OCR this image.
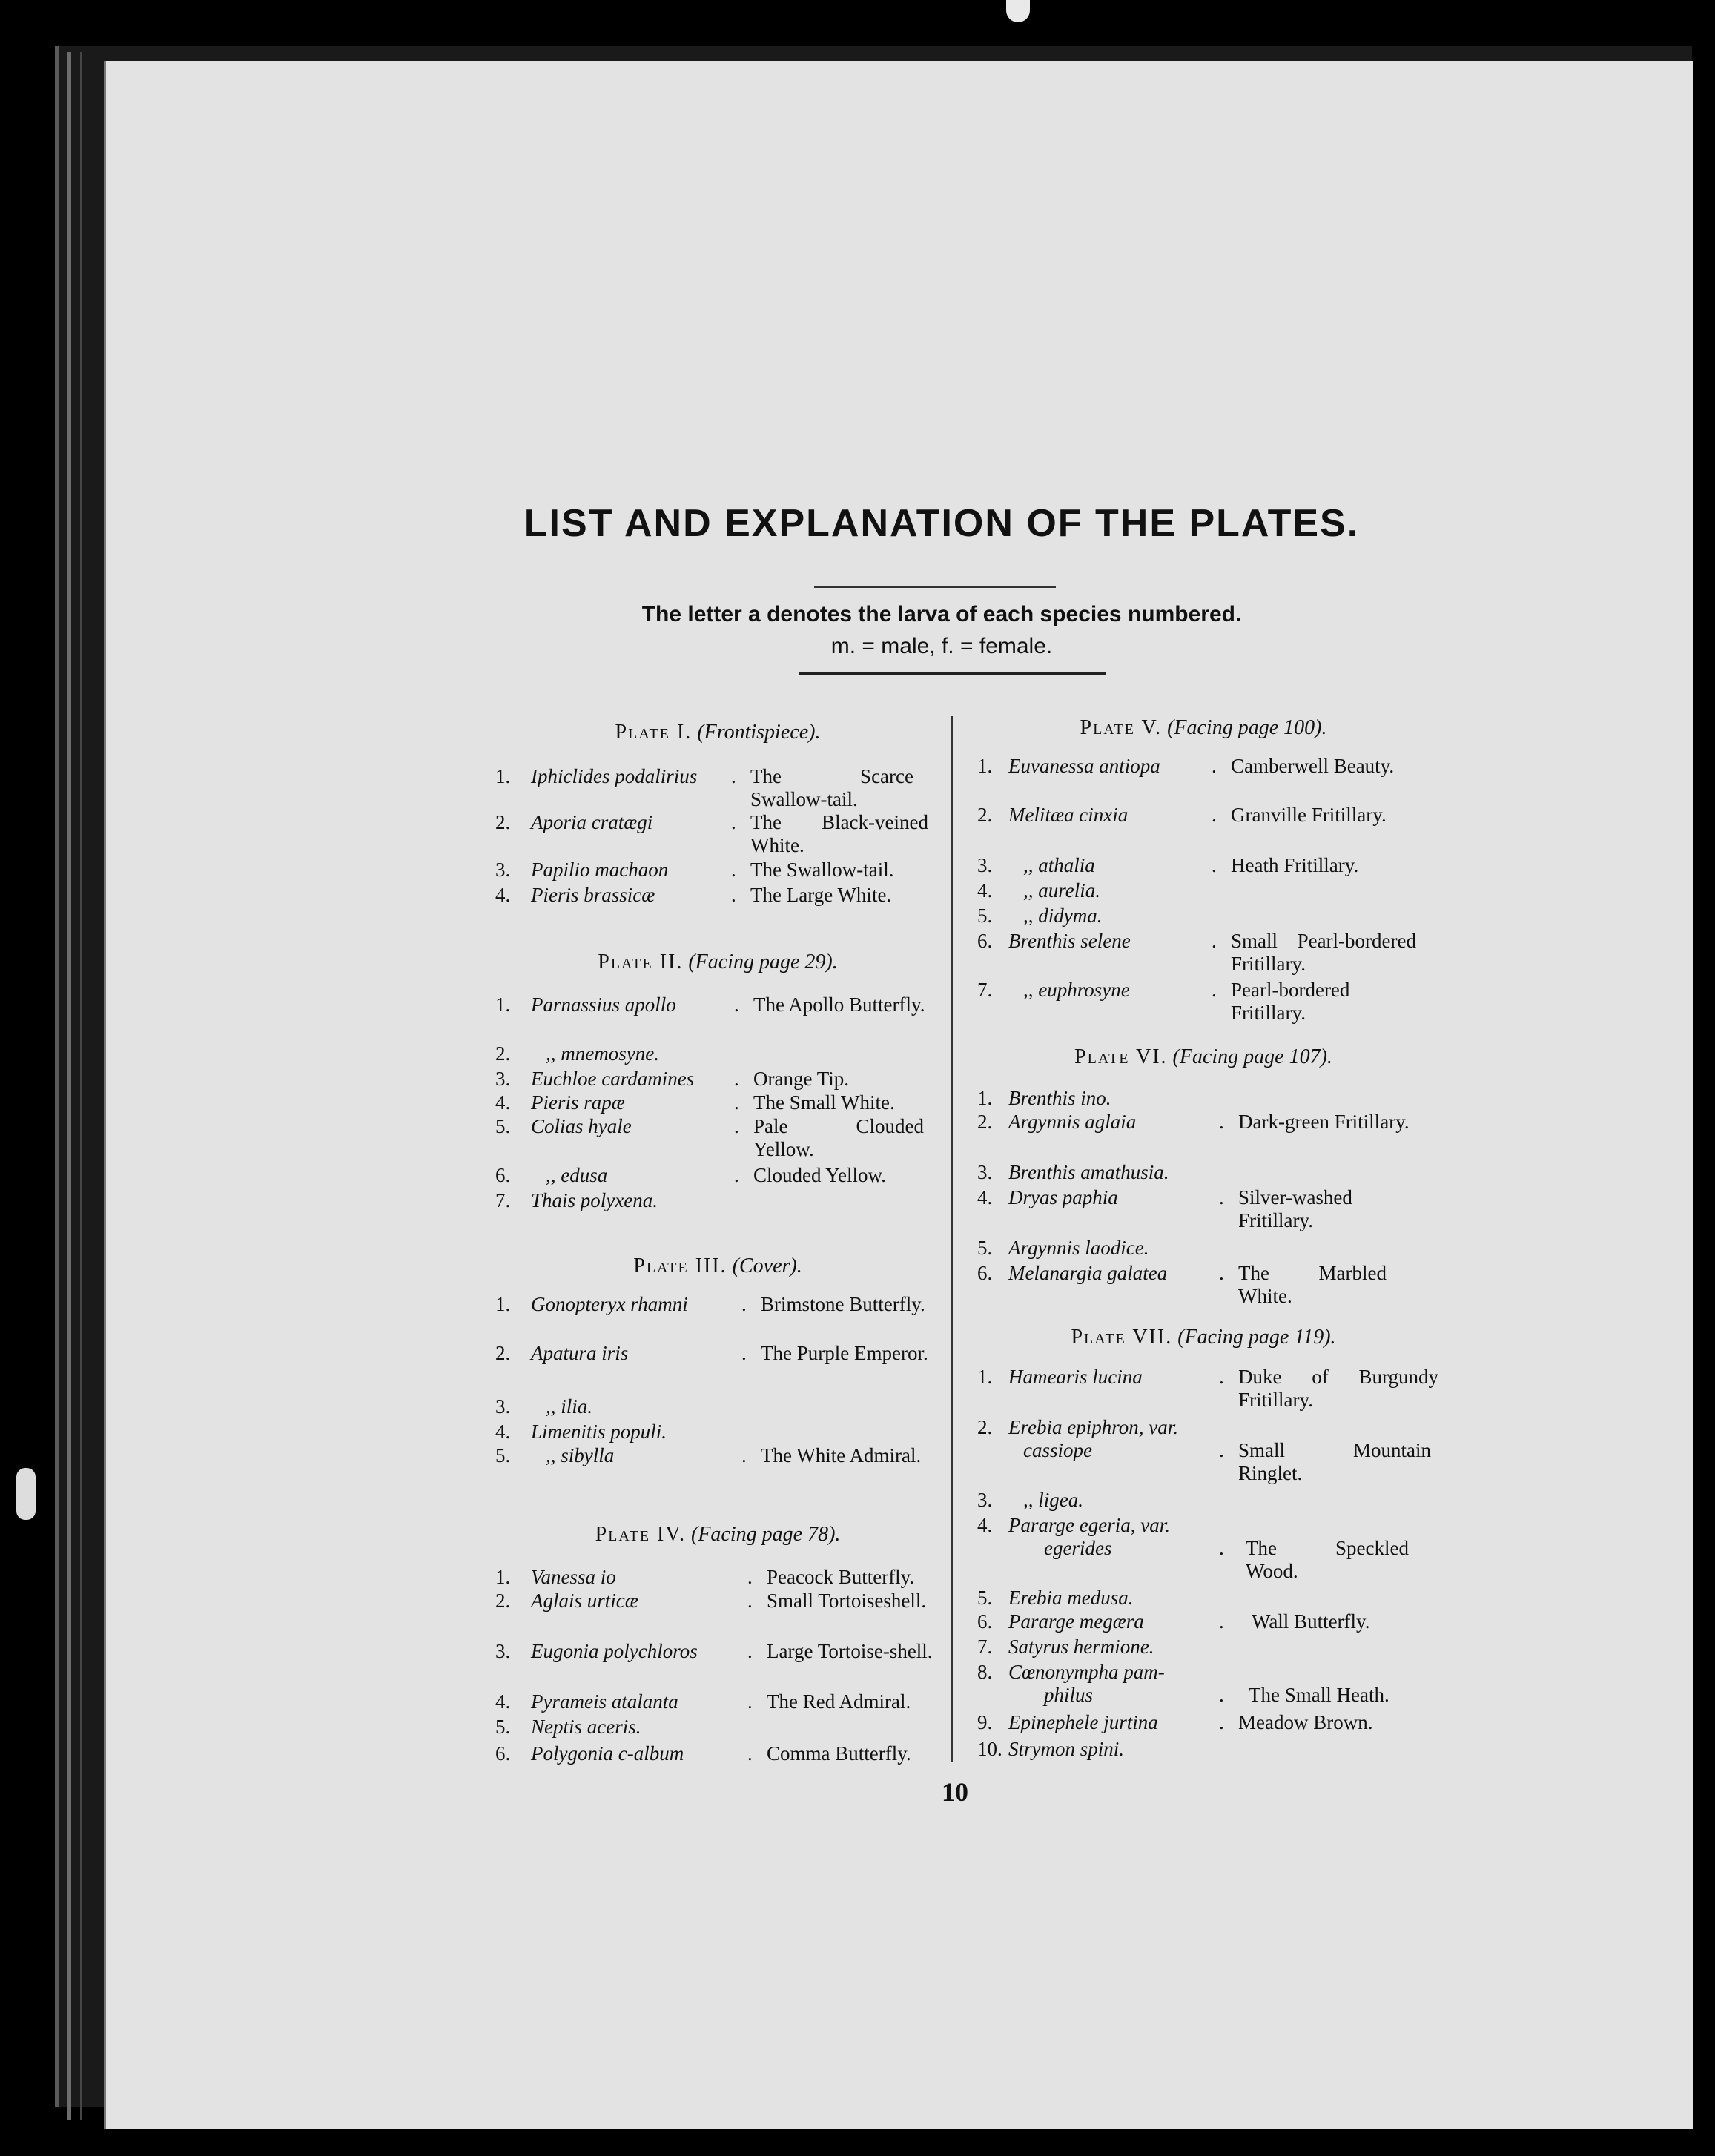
LIST AND EXPLANATION OF THE PLATES.
The letter a denotes the larva of each species numbered.
m. = male, f. = female.
Plate I. (Frontispiece).
1.	Iphiclides podalirius . The Scarce Swallow-tail.
2.	Aporia cratægi	. The Black-veined White.
3.	Papilio machaon	. The Swallow-tail.
4.	Pieris brassicæ	. The Large White.
Plate II. (Facing page 29).
1.	Parnassius apollo	. The Apollo Butterfly.
2.	,, mnemosyne.
3.	Euchloe cardamines . Orange Tip.
4.	Pieris rapæ	. The Small White.
5.	Colias hyale	. Pale Clouded Yellow.
6.	,, edusa	. Clouded Yellow.
7.	Thais polyxena.
Plate III. (Cover).
1.	Gonopteryx rhamni	. Brimstone Butterfly.
2.	Apatura iris	. The Purple Emperor.
3.	,, ilia.
4.	Limenitis populi.
5.	,, sibylla	. The White Admiral.
Plate IV. (Facing page 78).
1.	Vanessa io	. Peacock Butterfly.
2.	Aglais urticæ	. Small Tortoiseshell.
3.	Eugonia polychloros . Large Tortoise-shell.
4.	Pyrameis atalanta	. The Red Admiral.
5.	Neptis aceris.
6.	Polygonia c-album	. Comma Butterfly.
Plate V. (Facing page 100).
1. Euvanessa antiopa	. Camberwell Beauty.
2. Melitæa cinxia	. Granville Fritillary.
3.	,, athalia	. Heath Fritillary.
4.	,, aurelia.
5.	,, didyma.
6. Brenthis selene	. Small Pearl-bordered Fritillary.
7.	,, euphrosyne	. Pearl-bordered Fritillary.
Plate VI. (Facing page 107).
1. Brenthis ino.
2. Argynnis aglaia	. Dark-green Fritillary.
3. Brenthis amathusia.
4. Dryas paphia	. Silver-washed Fritillary.
5. Argynnis laodice.
6. Melanargia galatea	. The Marbled White.
Plate VII. (Facing page 119).
1. Hamearis lucina	. Duke of Burgundy Fritillary.
2. Erebia epiphron, var.
cassiope	. Small Mountain Ringlet.
3.	,, ligea.
4. Pararge egeria, var.
egerides	. The Speckled Wood.
5. Erebia medusa.
6. Pararge megæra	. Wall Butterfly.
7. Satyrus hermione.
8. Cœnonympha pam-
philus	. The Small Heath.
9. Epinephele jurtina	. Meadow Brown.
10. Strymon spini.
10
